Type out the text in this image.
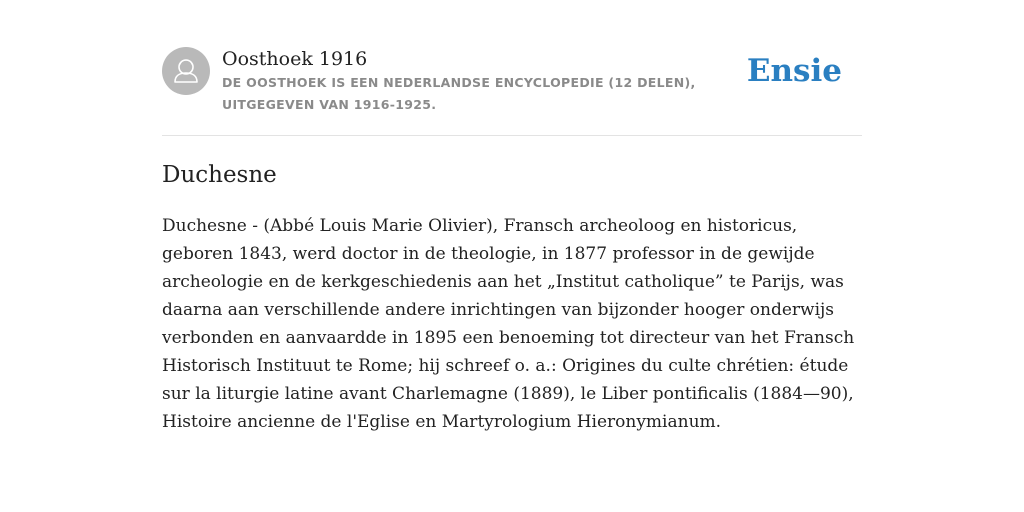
Oosthoek 1916
DE OOSTHOEK IS EEN NEDERLANDSE ENCYCLOPEDIE (12 DELEN), UITGEGEVEN VAN 1916-1925.
Ensie
Duchesne

Duchesne - (Abbé Louis Marie Olivier), Fransch archeoloog en historicus, geboren 1843, werd doctor in de theologie, in 1877 professor in de gewijde archeologie en de kerkgeschiedenis aan het „Institut catholique” te Parijs, was daarna aan verschillende andere inrichtingen van bijzonder hooger onderwijs verbonden en aanvaardde in 1895 een benoeming tot directeur van het Fransch Historisch Instituut te Rome; hij schreef o. a.: Origines du culte chrétien: étude sur la liturgie latine avant Charlemagne (1889), le Liber pontificalis (1884—90), Histoire ancienne de l'Eglise en Martyrologium Hieronymianum.
